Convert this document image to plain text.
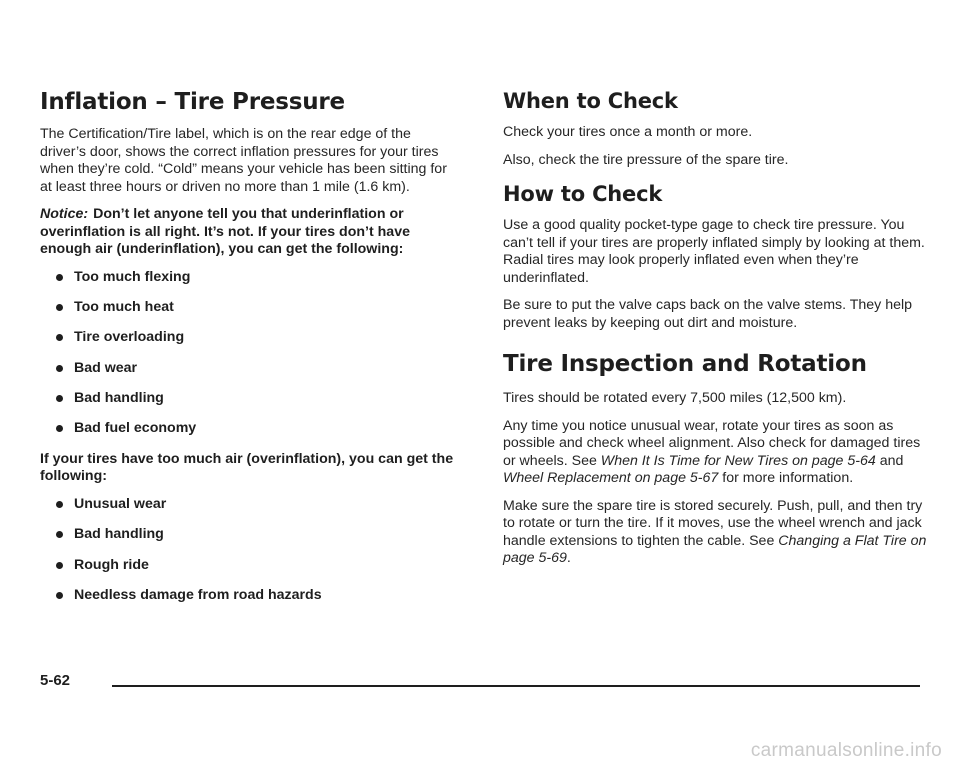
Inflation – Tire Pressure

The Certification/Tire label, which is on the rear edge of the driver’s door, shows the correct inflation pressures for your tires when they’re cold. “Cold” means your vehicle has been sitting for at least three hours or driven no more than 1 mile (1.6 km).

Notice: Don’t let anyone tell you that underinflation or overinflation is all right. It’s not. If your tires don’t have enough air (underinflation), you can get the following:

Too much flexing
Too much heat
Tire overloading
Bad wear
Bad handling
Bad fuel economy

If your tires have too much air (overinflation), you can get the following:

Unusual wear
Bad handling
Rough ride
Needless damage from road hazards
When to Check

Check your tires once a month or more.

Also, check the tire pressure of the spare tire.

How to Check

Use a good quality pocket-type gage to check tire pressure. You can’t tell if your tires are properly inflated simply by looking at them. Radial tires may look properly inflated even when they’re underinflated.

Be sure to put the valve caps back on the valve stems. They help prevent leaks by keeping out dirt and moisture.

Tire Inspection and Rotation

Tires should be rotated every 7,500 miles (12,500 km).

Any time you notice unusual wear, rotate your tires as soon as possible and check wheel alignment. Also check for damaged tires or wheels. See When It Is Time for New Tires on page 5-64 and Wheel Replacement on page 5-67 for more information.

Make sure the spare tire is stored securely. Push, pull, and then try to rotate or turn the tire. If it moves, use the wheel wrench and jack handle extensions to tighten the cable. See Changing a Flat Tire on page 5-69.

5-62
carmanualsonline.info
